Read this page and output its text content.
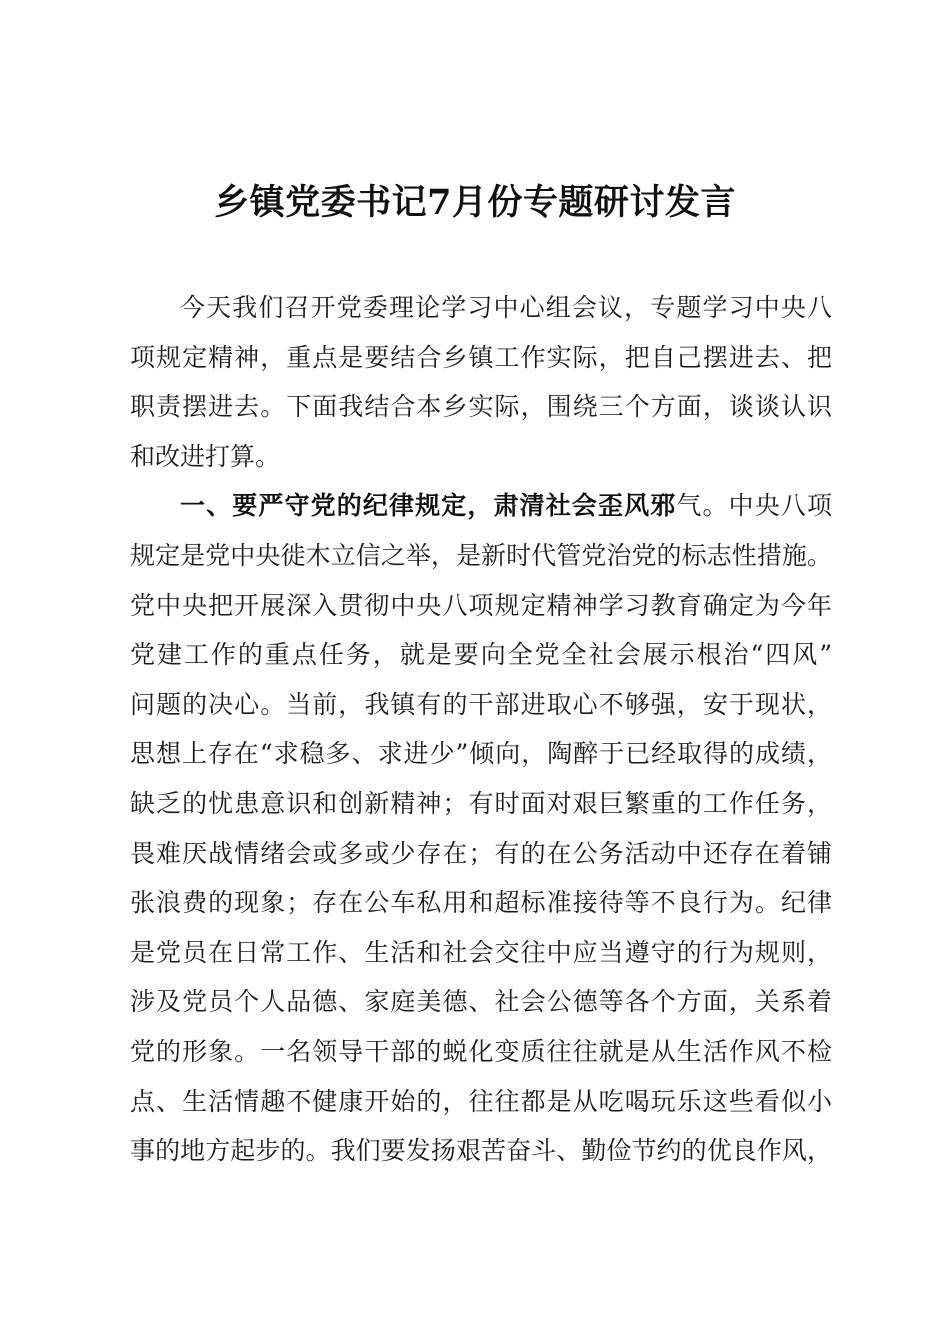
乡镇党委书记7月份专题研讨发言
今天我们召开党委理论学习中心组会议，专题学习中央八
项规定精神，重点是要结合乡镇工作实际，把自己摆进去、把
职责摆进去。下面我结合本乡实际，围绕三个方面，谈谈认识
和改进打算。
一、要严守党的纪律规定，肃清社会歪风邪气。中央八项
规定是党中央徙木立信之举，是新时代管党治党的标志性措施。
党中央把开展深入贯彻中央八项规定精神学习教育确定为今年
党建工作的重点任务，就是要向全党全社会展示根治“四风”
问题的决心。当前，我镇有的干部进取心不够强，安于现状，
思想上存在“求稳多、求进少”倾向，陶醉于已经取得的成绩，
缺乏的忧患意识和创新精神；有时面对艰巨繁重的工作任务，
畏难厌战情绪会或多或少存在；有的在公务活动中还存在着铺
张浪费的现象；存在公车私用和超标准接待等不良行为。纪律
是党员在日常工作、生活和社会交往中应当遵守的行为规则，
涉及党员个人品德、家庭美德、社会公德等各个方面，关系着
党的形象。一名领导干部的蜕化变质往往就是从生活作风不检
点、生活情趣不健康开始的，往往都是从吃喝玩乐这些看似小
事的地方起步的。我们要发扬艰苦奋斗、勤俭节约的优良作风，
